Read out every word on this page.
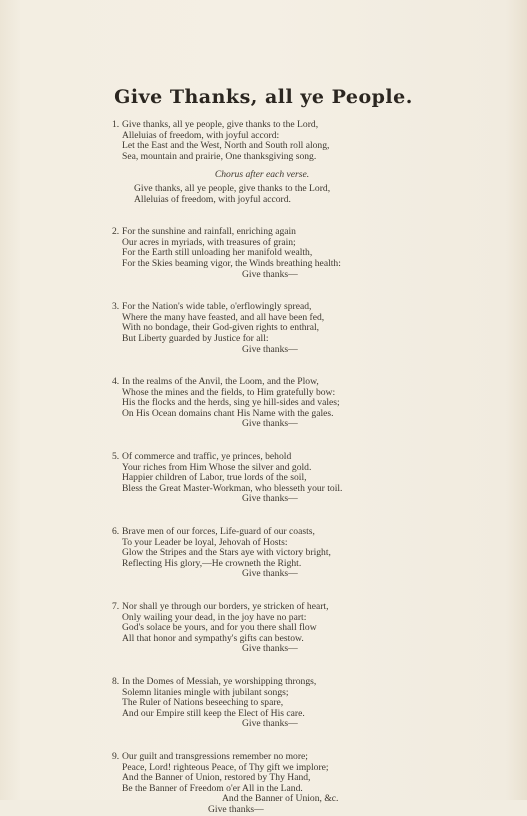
Give Thanks, all ye People.
1. Give thanks, all ye people, give thanks to the Lord,
Alleluias of freedom, with joyful accord:
Let the East and the West, North and South roll along,
Sea, mountain and prairie, One thanksgiving song.
Chorus after each verse.
Give thanks, all ye people, give thanks to the Lord,
Alleluias of freedom, with joyful accord.
2. For the sunshine and rainfall, enriching again
Our acres in myriads, with treasures of grain;
For the Earth still unloading her manifold wealth,
For the Skies beaming vigor, the Winds breathing health:
Give thanks—
3. For the Nation's wide table, o'erflowingly spread,
Where the many have feasted, and all have been fed,
With no bondage, their God-given rights to enthral,
But Liberty guarded by Justice for all:
Give thanks—
4. In the realms of the Anvil, the Loom, and the Plow,
Whose the mines and the fields, to Him gratefully bow:
His the flocks and the herds, sing ye hill-sides and vales;
On His Ocean domains chant His Name with the gales.
Give thanks—
5. Of commerce and traffic, ye princes, behold
Your riches from Him Whose the silver and gold.
Happier children of Labor, true lords of the soil,
Bless the Great Master-Workman, who blesseth your toil.
Give thanks—
6. Brave men of our forces, Life-guard of our coasts,
To your Leader be loyal, Jehovah of Hosts:
Glow the Stripes and the Stars aye with victory bright,
Reflecting His glory,—He crowneth the Right.
Give thanks—
7. Nor shall ye through our borders, ye stricken of heart,
Only wailing your dead, in the joy have no part:
God's solace be yours, and for you there shall flow
All that honor and sympathy's gifts can bestow.
Give thanks—
8. In the Domes of Messiah, ye worshipping throngs,
Solemn litanies mingle with jubilant songs;
The Ruler of Nations beseeching to spare,
And our Empire still keep the Elect of His care.
Give thanks—
9. Our guilt and transgressions remember no more;
Peace, Lord! righteous Peace, of Thy gift we implore;
And the Banner of Union, restored by Thy Hand,
Be the Banner of Freedom o'er All in the Land.
And the Banner of Union, &c.
Give thanks—
